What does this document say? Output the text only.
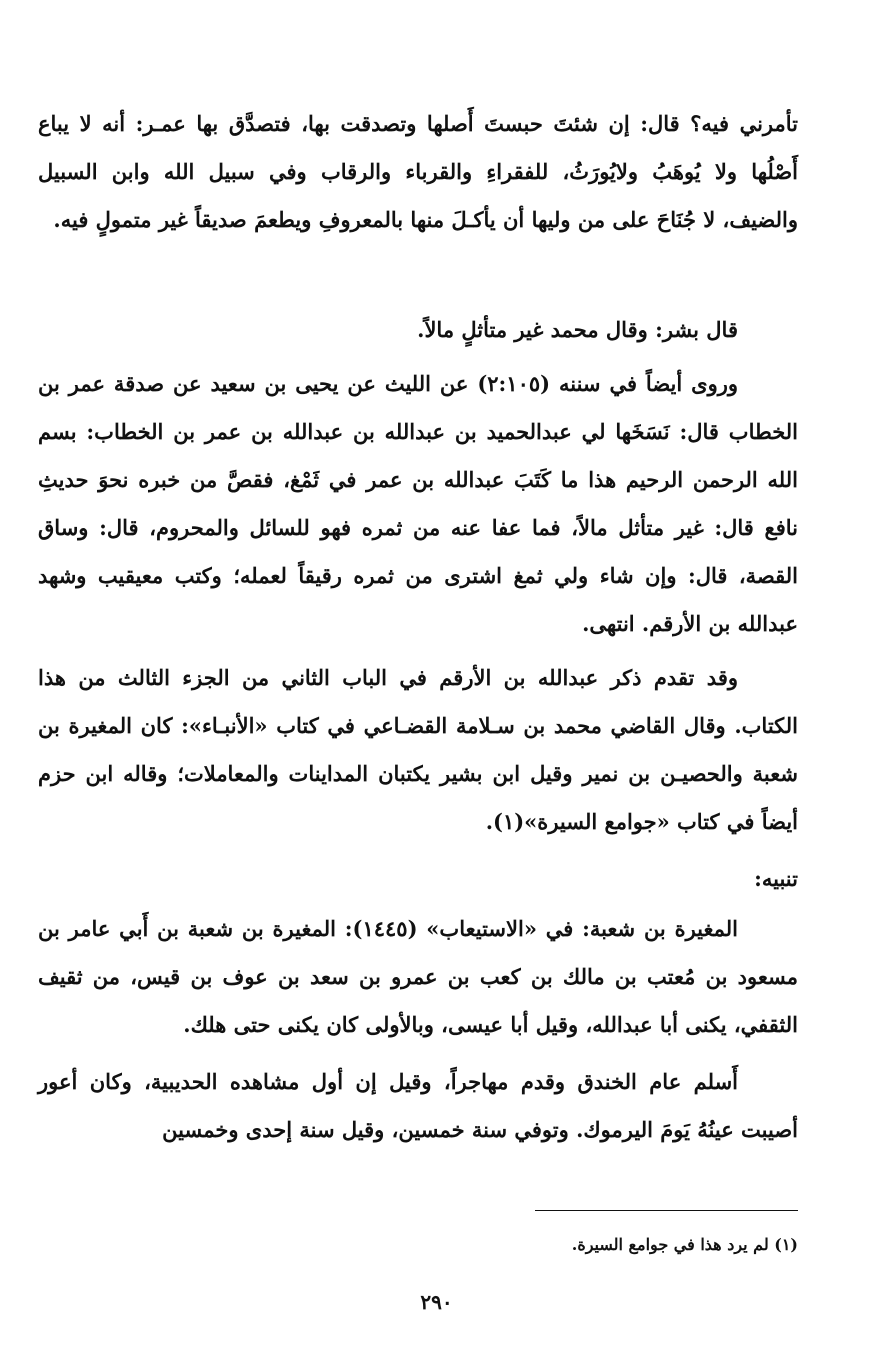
تأمرني فيه؟ قال: إن شئتَ حبستَ أَصلها وتصدقت بها، فتصدَّق بها عمـر: أنه لا يباع أَصْلُها ولا يُوهَبُ ولايُورَثُ، للفقراءِ والقرباء والرقاب وفي سبيل الله وابن السبيل والضيف، لا جُنَاحَ على من وليها أن يأكـلَ منها بالمعروفِ ويطعمَ صديقاً غير متمولٍ فيه.

قال بشر: وقال محمد غير متأثلٍ مالاً.

وروى أيضاً في سننه (٢:١٠٥) عن الليث عن يحيى بن سعيد عن صدقة عمر بن الخطاب قال: نَسَخَها لي عبدالحميد بن عبدالله بن عبدالله بن عمر بن الخطاب: بسم الله الرحمن الرحيم هذا ما كَتَبَ عبدالله بن عمر في ثَمْغ، فقصَّ من خبره نحوَ حديثِ نافع قال: غير متأثل مالاً، فما عفا عنه من ثمره فهو للسائل والمحروم، قال: وساق القصة، قال: وإن شاء ولي ثمغ اشترى من ثمره رقيقاً لعمله؛ وكتب معيقيب وشهد عبدالله بن الأرقم. انتهى.

وقد تقدم ذكر عبدالله بن الأرقم في الباب الثاني من الجزء الثالث من هذا الكتاب. وقال القاضي محمد بن سـلامة القضـاعي في كتاب «الأنبـاء»: كان المغيرة بن شعبة والحصيـن بن نمير وقيل ابن بشير يكتبان المداينات والمعاملات؛ وقاله ابن حزم أيضاً في كتاب «جوامع السيرة»(١).

تنبيه:

المغيرة بن شعبة: في «الاستيعاب» (١٤٤٥): المغيرة بن شعبة بن أَبي عامر بن مسعود بن مُعتب بن مالك بن كعب بن عمرو بن سعد بن عوف بن قيس، من ثقيف الثقفي، يكنى أبا عبدالله، وقيل أبا عيسى، وبالأولى كان يكنى حتى هلك.

أَسلم عام الخندق وقدم مهاجراً، وقيل إن أول مشاهده الحديبية، وكان أعور أصيبت عينُهُ يَومَ اليرموك. وتوفي سنة خمسين، وقيل سنة إحدى وخمسين

(١) لم يرد هذا في جوامع السيرة.
٢٩٠
